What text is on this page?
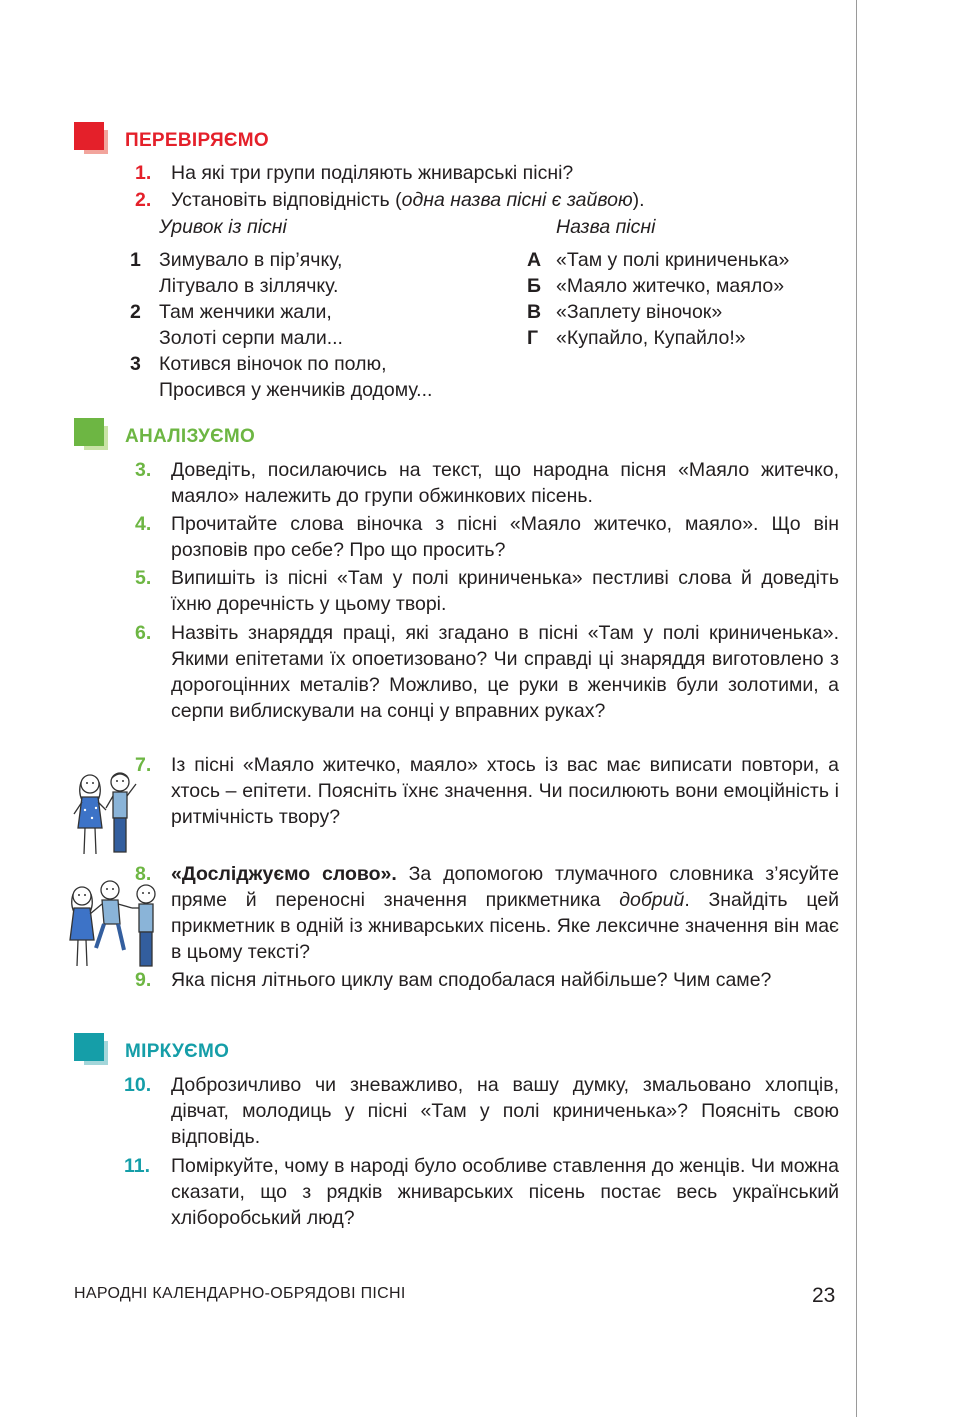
ПЕРЕВІРЯЄМО
1. На які три групи поділяють жниварські пісні?
2. Установіть відповідність (одна назва пісні є зайвою).
Уривок із пісні	Назва пісні
1 Зимувало в пір’ячку,
Літувало в зіллячку.
2 Там женчики жали,
Золоті серпи мали...
3 Котився віночок по полю,
Просився у женчиків додому...
А «Там у полі криниченька»
Б «Маяло житечко, маяло»
В «Заплету віночок»
Г «Купайло, Купайло!»
АНАЛІЗУЄМО
3. Доведіть, посилаючись на текст, що народна пісня «Маяло житечко, маяло» належить до групи обжинкових пісень.
4. Прочитайте слова віночка з пісні «Маяло житечко, маяло». Що він розповів про себе? Про що просить?
5. Випишіть із пісні «Там у полі криниченька» пестливі слова й доведіть їхню доречність у цьому творі.
6. Назвіть знаряддя праці, які згадано в пісні «Там у полі криниченька». Якими епітетами їх опоетизовано? Чи справді ці знаряддя виготовлено з дорогоцінних металів? Можливо, це руки в женчиків були золотими, а серпи виблискували на сонці у вправних руках?
7. Із пісні «Маяло житечко, маяло» хтось із вас має виписати повтори, а хтось – епітети. Поясніть їхнє значення. Чи посилюють вони емоційність і ритмічність твору?
8. «Досліджуємо слово». За допомогою тлумачного словника з’ясуйте пряме й переносні значення прикметника добрий. Знайдіть цей прикметник в одній із жниварських пісень. Яке лексичне значення він має в цьому тексті?
9. Яка пісня літнього циклу вам сподобалася найбільше? Чим саме?
МІРКУЄМО
10. Доброзичливо чи зневажливо, на вашу думку, змальовано хлопців, дівчат, молодиць у пісні «Там у полі криниченька»? Поясніть свою відповідь.
11. Поміркуйте, чому в народі було особливе ставлення до женців. Чи можна сказати, що з рядків жниварських пісень постає весь український хліборобський люд?
НАРОДНІ КАЛЕНДАРНО-ОБРЯДОВІ ПІСНІ	23
